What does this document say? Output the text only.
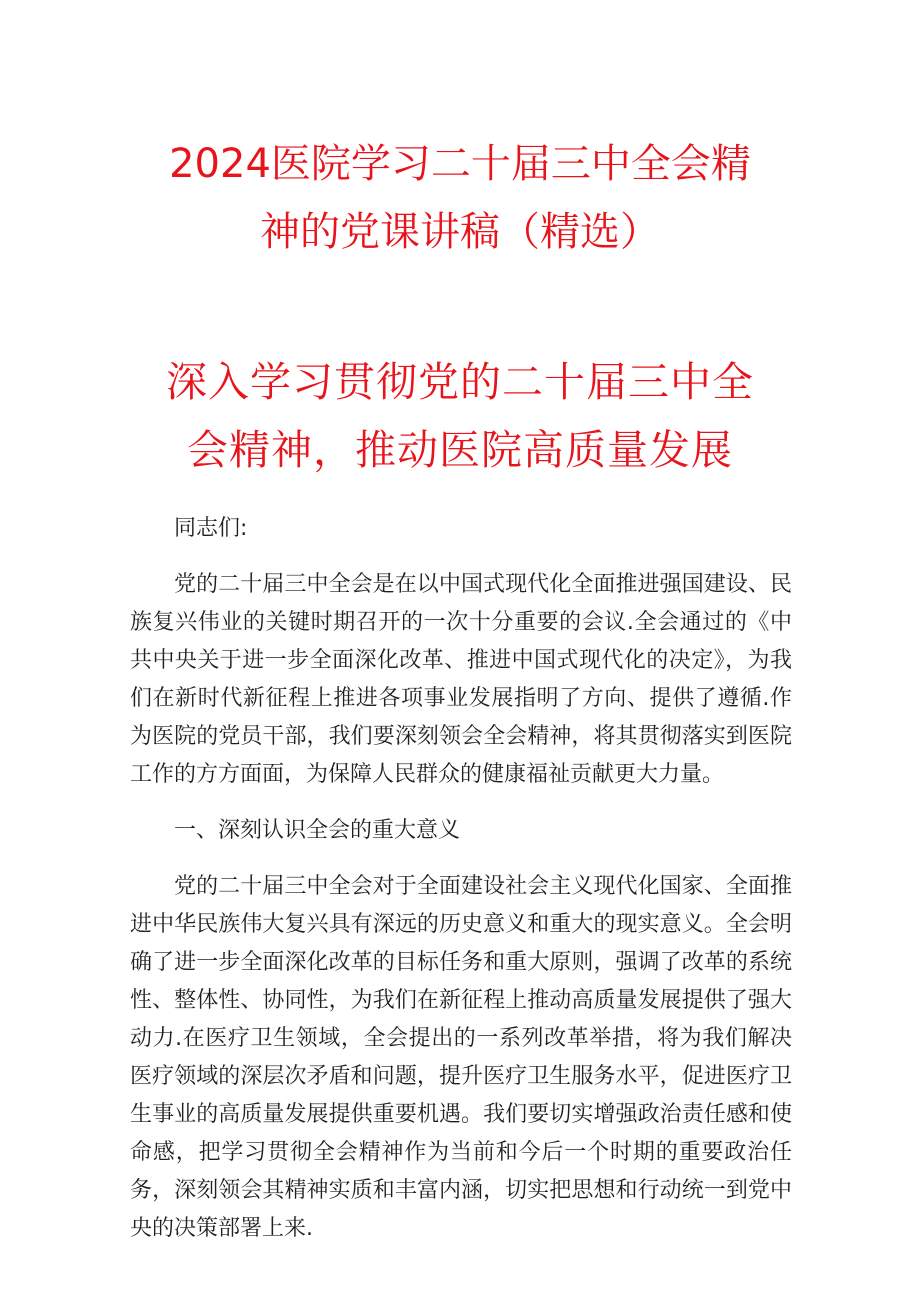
2024医院学习二十届三中全会精神的党课讲稿（精选）
深入学习贯彻党的二十届三中全会精神，推动医院高质量发展

同志们:

党的二十届三中全会是在以中国式现代化全面推进强国建设、民族复兴伟业的关键时期召开的一次十分重要的会议.全会通过的《中共中央关于进一步全面深化改革、推进中国式现代化的决定》，为我们在新时代新征程上推进各项事业发展指明了方向、提供了遵循.作为医院的党员干部，我们要深刻领会全会精神，将其贯彻落实到医院工作的方方面面，为保障人民群众的健康福祉贡献更大力量。

一、深刻认识全会的重大意义

党的二十届三中全会对于全面建设社会主义现代化国家、全面推进中华民族伟大复兴具有深远的历史意义和重大的现实意义。全会明确了进一步全面深化改革的目标任务和重大原则，强调了改革的系统性、整体性、协同性，为我们在新征程上推动高质量发展提供了强大动力.在医疗卫生领域，全会提出的一系列改革举措，将为我们解决医疗领域的深层次矛盾和问题，提升医疗卫生服务水平，促进医疗卫生事业的高质量发展提供重要机遇。我们要切实增强政治责任感和使命感，把学习贯彻全会精神作为当前和今后一个时期的重要政治任务，深刻领会其精神实质和丰富内涵，切实把思想和行动统一到党中央的决策部署上来.
